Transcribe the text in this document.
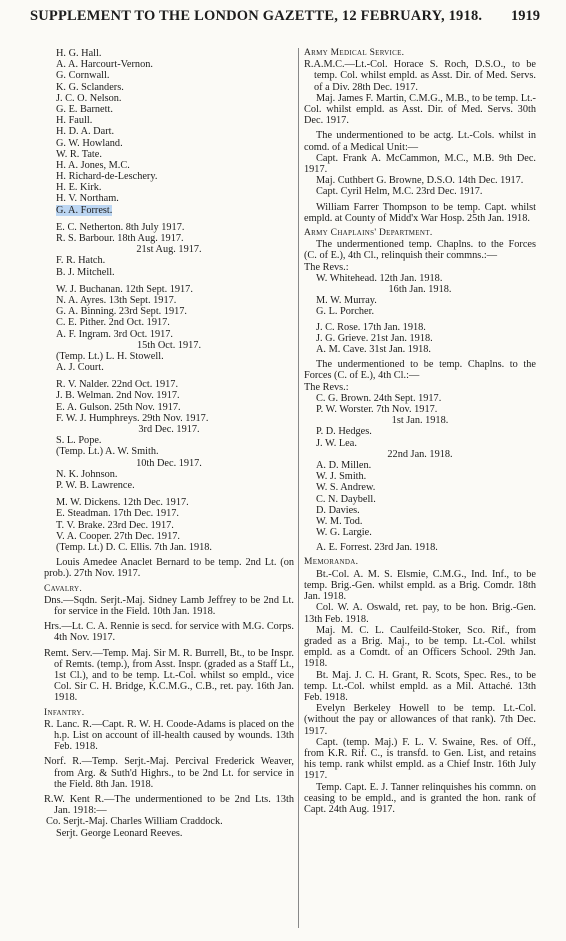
SUPPLEMENT TO THE LONDON GAZETTE, 12 FEBRUARY, 1918. 1919
H. G. Hall.
A. A. Harcourt-Vernon.
G. Cornwall.
K. G. Sclanders.
J. C. O. Nelson.
G. E. Barnett.
H. Faull.
H. D. A. Dart.
G. W. Howland.
W. R. Tate.
H. A. Jones, M.C.
H. Richard-de-Leschery.
H. E. Kirk.
H. V. Northam.
G. A. Forrest.
E. C. Netherton. 8th July 1917.
R. S. Barbour. 18th Aug. 1917.
21st Aug. 1917.
F. R. Hatch.
B. J. Mitchell.
W. J. Buchanan. 12th Sept. 1917.
N. A. Ayres. 13th Sept. 1917.
G. A. Binning. 23rd Sept. 1917.
C. E. Pither. 2nd Oct. 1917.
A. F. Ingram. 3rd Oct. 1917.
15th Oct. 1917.
(Temp. Lt.) L. H. Stowell.
A. J. Court.
R. V. Nalder. 22nd Oct. 1917.
J. B. Welman. 2nd Nov. 1917.
E. A. Gulson. 25th Nov. 1917.
F. W. J. Humphreys. 29th Nov. 1917.
3rd Dec. 1917.
S. L. Pope.
(Temp. Lt.) A. W. Smith.
10th Dec. 1917.
N. K. Johnson.
P. W. B. Lawrence.
M. W. Dickens. 12th Dec. 1917.
E. Steadman. 17th Dec. 1917.
T. V. Brake. 23rd Dec. 1917.
V. A. Cooper. 27th Dec. 1917.
(Temp. Lt.) D. C. Ellis. 7th Jan. 1918.
Louis Amedee Anaclet Bernard to be temp. 2nd Lt. (on prob.). 27th Nov. 1917.
Cavalry.
Dns.—Sqdn. Serjt.-Maj. Sidney Lamb Jeffrey to be 2nd Lt. for service in the Field. 10th Jan. 1918.
Hrs.—Lt. C. A. Rennie is secd. for service with M.G. Corps. 4th Nov. 1917.
Remt. Serv.—Temp. Maj. Sir M. R. Burrell, Bt., to be Inspr. of Remts. (temp.), from Asst. Inspr. (graded as a Staff Lt., 1st Cl.), and to be temp. Lt.-Col. whilst so empld., vice Col. Sir C. H. Bridge, K.C.M.G., C.B., ret. pay. 16th Jan. 1918.
Infantry.
R. Lanc. R.—Capt. R. W. H. Coode-Adams is placed on the h.p. List on account of ill-health caused by wounds. 13th Feb. 1918.
Norf. R.—Temp. Serjt.-Maj. Percival Frederick Weaver, from Arg. & Suth'd Highrs., to be 2nd Lt. for service in the Field. 8th Jan. 1918.
R.W. Kent R.—The undermentioned to be 2nd Lts. 13th Jan. 1918:—
Co. Serjt.-Maj. Charles William Craddock.
Serjt. George Leonard Reeves.
Army Medical Service.
R.A.M.C.—Lt.-Col. Horace S. Roch, D.S.O., to be temp. Col. whilst empld. as Asst. Dir. of Med. Servs. of a Div. 28th Dec. 1917.
Maj. James F. Martin, C.M.G., M.B., to be temp. Lt.-Col. whilst empld. as Asst. Dir. of Med. Servs. 30th Dec. 1917.
The undermentioned to be actg. Lt.-Cols. whilst in comd. of a Medical Unit:—
Capt. Frank A. McCammon, M.C., M.B. 9th Dec. 1917.
Maj. Cuthbert G. Browne, D.S.O. 14th Dec. 1917.
Capt. Cyril Helm, M.C. 23rd Dec. 1917.
William Farrer Thompson to be temp. Capt. whilst empld. at County of Midd'x War Hosp. 25th Jan. 1918.
Army Chaplains' Department.
The undermentioned temp. Chaplns. to the Forces (C. of E.), 4th Cl., relinquish their commns.:—
The Revs.:
W. Whitehead. 12th Jan. 1918.
16th Jan. 1918.
M. W. Murray.
G. L. Porcher.
J. C. Rose. 17th Jan. 1918.
J. G. Grieve. 21st Jan. 1918.
A. M. Cave. 31st Jan. 1918.
The undermentioned to be temp. Chaplns. to the Forces (C. of E.), 4th Cl.:—
The Revs.:
C. G. Brown. 24th Sept. 1917.
P. W. Worster. 7th Nov. 1917.
1st Jan. 1918.
P. D. Hedges.
J. W. Lea.
22nd Jan. 1918.
A. D. Millen.
W. J. Smith.
W. S. Andrew.
C. N. Daybell.
D. Davies.
W. M. Tod.
W. G. Largie.
A. E. Forrest. 23rd Jan. 1918.
Memoranda.
Bt.-Col. A. M. S. Elsmie, C.M.G., Ind. Inf., to be temp. Brig.-Gen. whilst empld. as a Brig. Comdr. 18th Jan. 1918.
Col. W. A. Oswald, ret. pay, to be hon. Brig.-Gen. 13th Feb. 1918.
Maj. M. C. L. Caulfeild-Stoker, Sco. Rif., from graded as a Brig. Maj., to be temp. Lt.-Col. whilst empld. as a Comdt. of an Officers School. 29th Jan. 1918.
Bt. Maj. J. C. H. Grant, R. Scots, Spec. Res., to be temp. Lt.-Col. whilst empld. as a Mil. Attaché. 13th Feb. 1918.
Evelyn Berkeley Howell to be temp. Lt.-Col. (without the pay or allowances of that rank). 7th Dec. 1917.
Capt. (temp. Maj.) F. L. V. Swaine, Res. of Off., from K.R. Rif. C., is transfd. to Gen. List, and retains his temp. rank whilst empld. as a Chief Instr. 16th July 1917.
Temp. Capt. E. J. Tanner relinquishes his commn. on ceasing to be empld., and is granted the hon. rank of Capt. 24th Aug. 1917.
